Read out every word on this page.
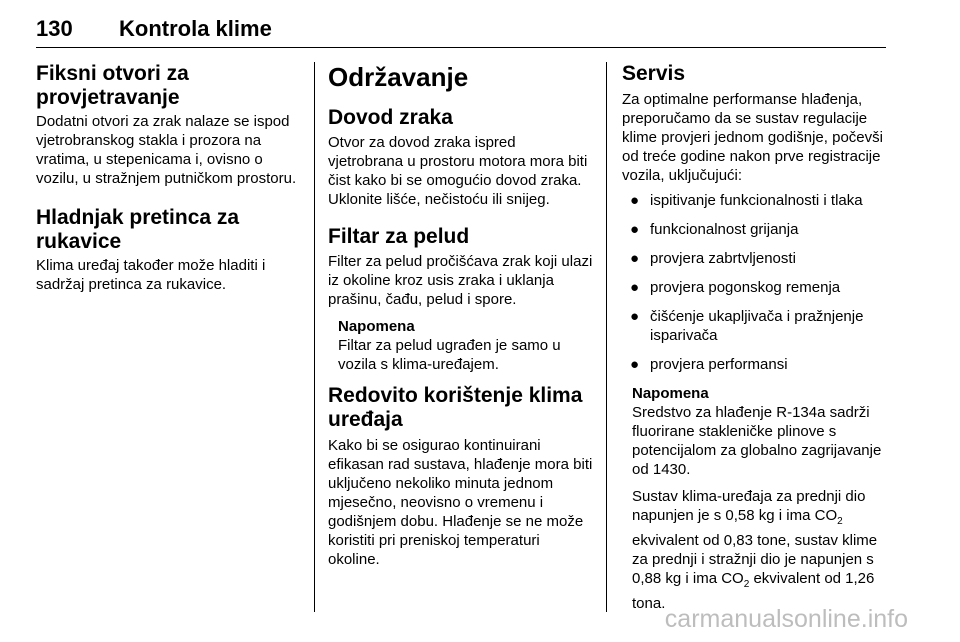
130 Kontrola klime
Fiksni otvori za provjetravanje

Dodatni otvori za zrak nalaze se ispod vjetrobranskog stakla i prozora na vratima, u stepenicama i, ovisno o vozilu, u stražnjem putničkom prostoru.

Hladnjak pretinca za rukavice

Klima uređaj također može hladiti i sadržaj pretinca za rukavice.

Održavanje
Dovod zraka

Otvor za dovod zraka ispred vjetrobrana u prostoru motora mora biti čist kako bi se omogućio dovod zraka. Uklonite lišće, nečistoću ili snijeg.

Filtar za pelud

Filter za pelud pročišćava zrak koji ulazi iz okoline kroz usis zraka i uklanja prašinu, čađu, pelud i spore.

Napomena

Filtar za pelud ugrađen je samo u vozila s klima-uređajem.

Redovito korištenje klima uređaja

Kako bi se osigurao kontinuirani efikasan rad sustava, hlađenje mora biti uključeno nekoliko minuta jednom mjesečno, neovisno o vremenu i godišnjem dobu. Hlađenje se ne može koristiti pri preniskoj temperaturi okoline.

Servis

Za optimalne performanse hlađenja, preporučamo da se sustav regulacije klime provjeri jednom godišnje, počevši od treće godine nakon prve registracije vozila, uključujući:

● ispitivanje funkcionalnosti i tlaka
● funkcionalnost grijanja
● provjera zabrtvljenosti
● provjera pogonskog remenja
● čišćenje ukapljivača i pražnjenje isparivača
● provjera performansi

Napomena

Sredstvo za hlađenje R-134a sadrži fluorirane stakleničke plinove s potencijalom za globalno zagrijavanje od 1430.

Sustav klima-uređaja za prednji dio napunjen je s 0,58 kg i ima $CO_2$ ekvivalent od 0,83 tone, sustav klime za prednji i stražnji dio je napunjen s 0,88 kg i ima $CO_2$ ekvivalent od 1,26 tona.

carmanualsonline.info
